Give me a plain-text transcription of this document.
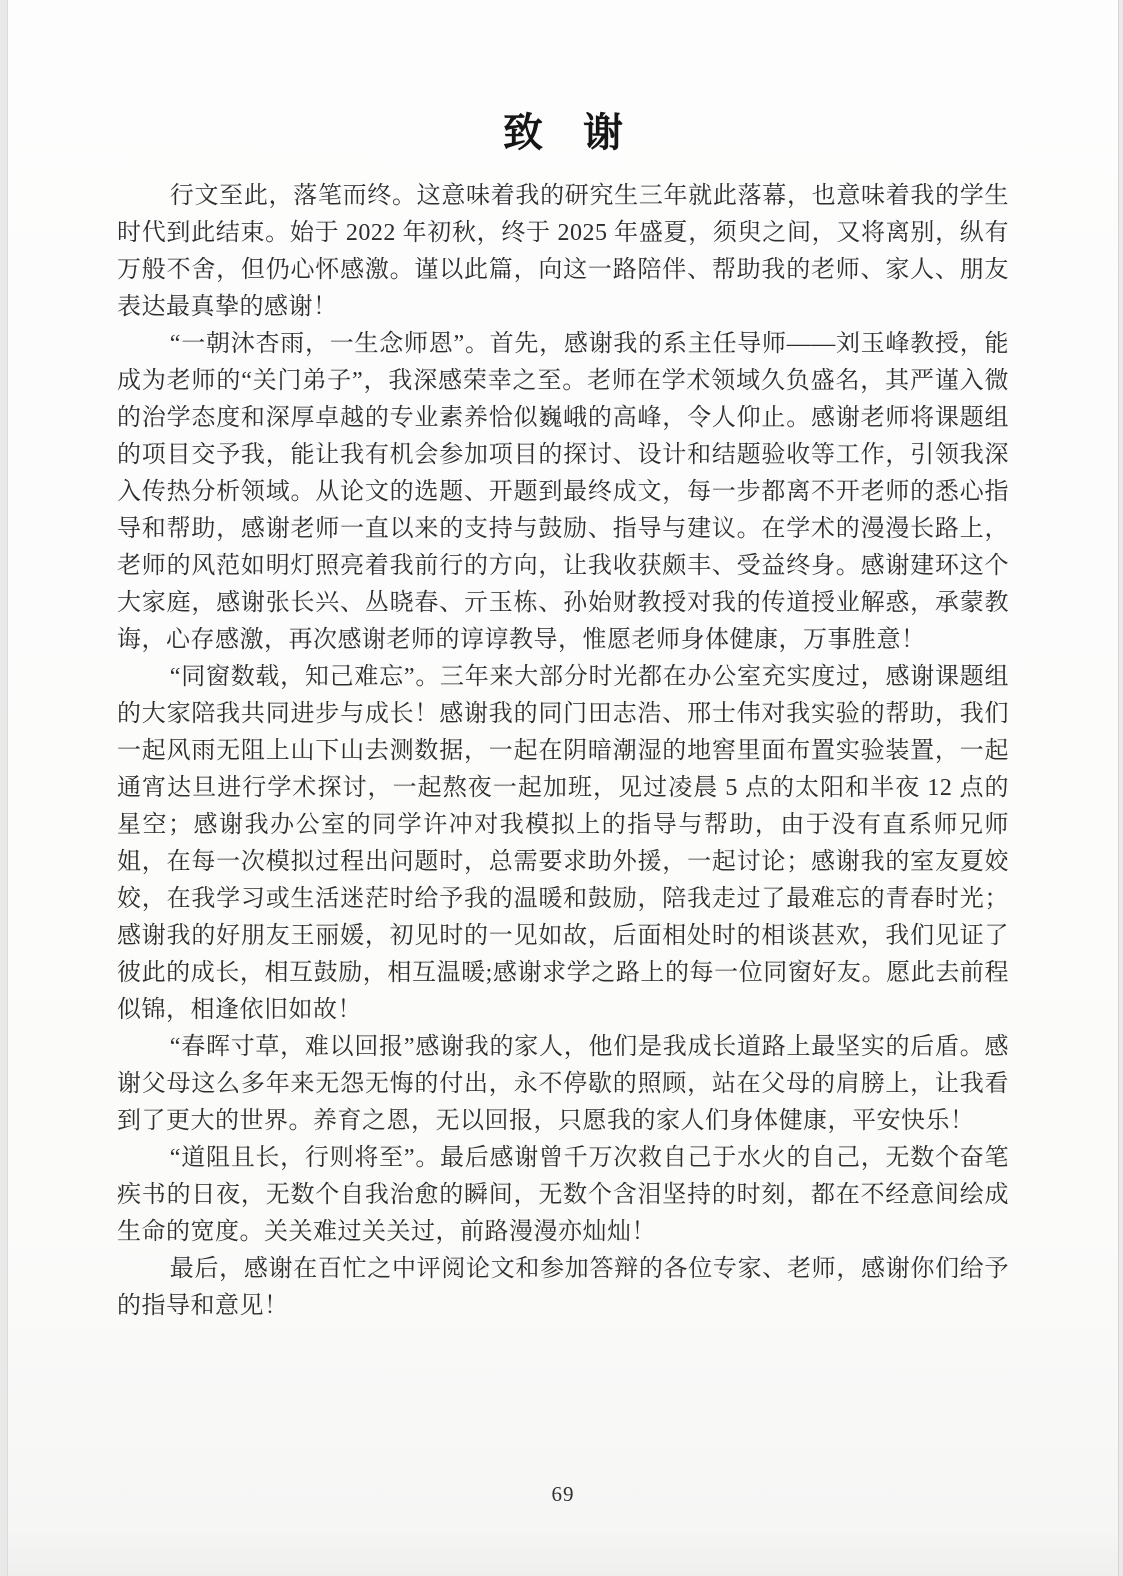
致　谢

行文至此，落笔而终。这意味着我的研究生三年就此落幕，也意味着我的学生时代到此结束。始于 2022 年初秋，终于 2025 年盛夏，须臾之间，又将离别，纵有万般不舍，但仍心怀感激。谨以此篇，向这一路陪伴、帮助我的老师、家人、朋友表达最真挚的感谢！

“一朝沐杏雨，一生念师恩”。首先，感谢我的系主任导师——刘玉峰教授，能成为老师的“关门弟子”，我深感荣幸之至。老师在学术领域久负盛名，其严谨入微的治学态度和深厚卓越的专业素养恰似巍峨的高峰，令人仰止。感谢老师将课题组的项目交予我，能让我有机会参加项目的探讨、设计和结题验收等工作，引领我深入传热分析领域。从论文的选题、开题到最终成文，每一步都离不开老师的悉心指导和帮助，感谢老师一直以来的支持与鼓励、指导与建议。在学术的漫漫长路上，老师的风范如明灯照亮着我前行的方向，让我收获颇丰、受益终身。感谢建环这个大家庭，感谢张长兴、丛晓春、亓玉栋、孙始财教授对我的传道授业解惑，承蒙教诲，心存感激，再次感谢老师的谆谆教导，惟愿老师身体健康，万事胜意！

“同窗数载，知己难忘”。三年来大部分时光都在办公室充实度过，感谢课题组的大家陪我共同进步与成长！感谢我的同门田志浩、邢士伟对我实验的帮助，我们一起风雨无阻上山下山去测数据，一起在阴暗潮湿的地窖里面布置实验装置，一起通宵达旦进行学术探讨，一起熬夜一起加班，见过凌晨 5 点的太阳和半夜 12 点的星空；感谢我办公室的同学许冲对我模拟上的指导与帮助，由于没有直系师兄师姐，在每一次模拟过程出问题时，总需要求助外援，一起讨论；感谢我的室友夏姣姣，在我学习或生活迷茫时给予我的温暖和鼓励，陪我走过了最难忘的青春时光；感谢我的好朋友王丽媛，初见时的一见如故，后面相处时的相谈甚欢，我们见证了彼此的成长，相互鼓励，相互温暖;感谢求学之路上的每一位同窗好友。愿此去前程似锦，相逢依旧如故！

“春晖寸草，难以回报”感谢我的家人，他们是我成长道路上最坚实的后盾。感谢父母这么多年来无怨无悔的付出，永不停歇的照顾，站在父母的肩膀上，让我看到了更大的世界。养育之恩，无以回报，只愿我的家人们身体健康，平安快乐！

“道阻且长，行则将至”。最后感谢曾千万次救自己于水火的自己，无数个奋笔疾书的日夜，无数个自我治愈的瞬间，无数个含泪坚持的时刻，都在不经意间绘成生命的宽度。关关难过关关过，前路漫漫亦灿灿！

最后，感谢在百忙之中评阅论文和参加答辩的各位专家、老师，感谢你们给予的指导和意见！

69
